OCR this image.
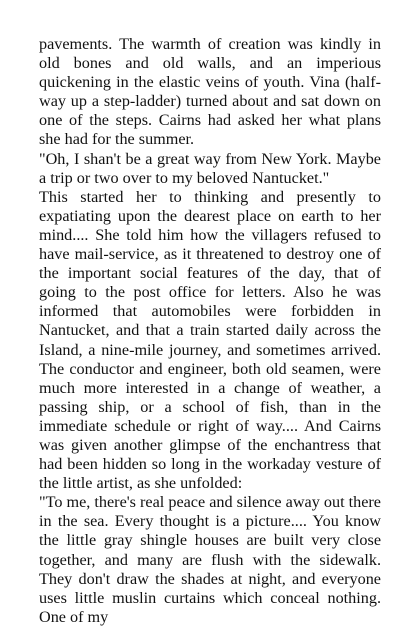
pavements. The warmth of creation was kindly in old bones and old walls, and an imperious quickening in the elastic veins of youth. Vina (half-way up a step-ladder) turned about and sat down on one of the steps. Cairns had asked her what plans she had for the summer.

"Oh, I shan't be a great way from New York. Maybe a trip or two over to my beloved Nantucket."

This started her to thinking and presently to expatiating upon the dearest place on earth to her mind.... She told him how the villagers refused to have mail-service, as it threatened to destroy one of the important social features of the day, that of going to the post office for letters. Also he was informed that automobiles were forbidden in Nantucket, and that a train started daily across the Island, a nine-mile journey, and sometimes arrived. The conductor and engineer, both old seamen, were much more interested in a change of weather, a passing ship, or a school of fish, than in the immediate schedule or right of way.... And Cairns was given another glimpse of the enchantress that had been hidden so long in the workaday vesture of the little artist, as she unfolded:

"To me, there's real peace and silence away out there in the sea. Every thought is a picture.... You know the little gray shingle houses are built very close together, and many are flush with the sidewalk. They don't draw the shades at night, and everyone uses little muslin curtains which conceal nothing. One of my
